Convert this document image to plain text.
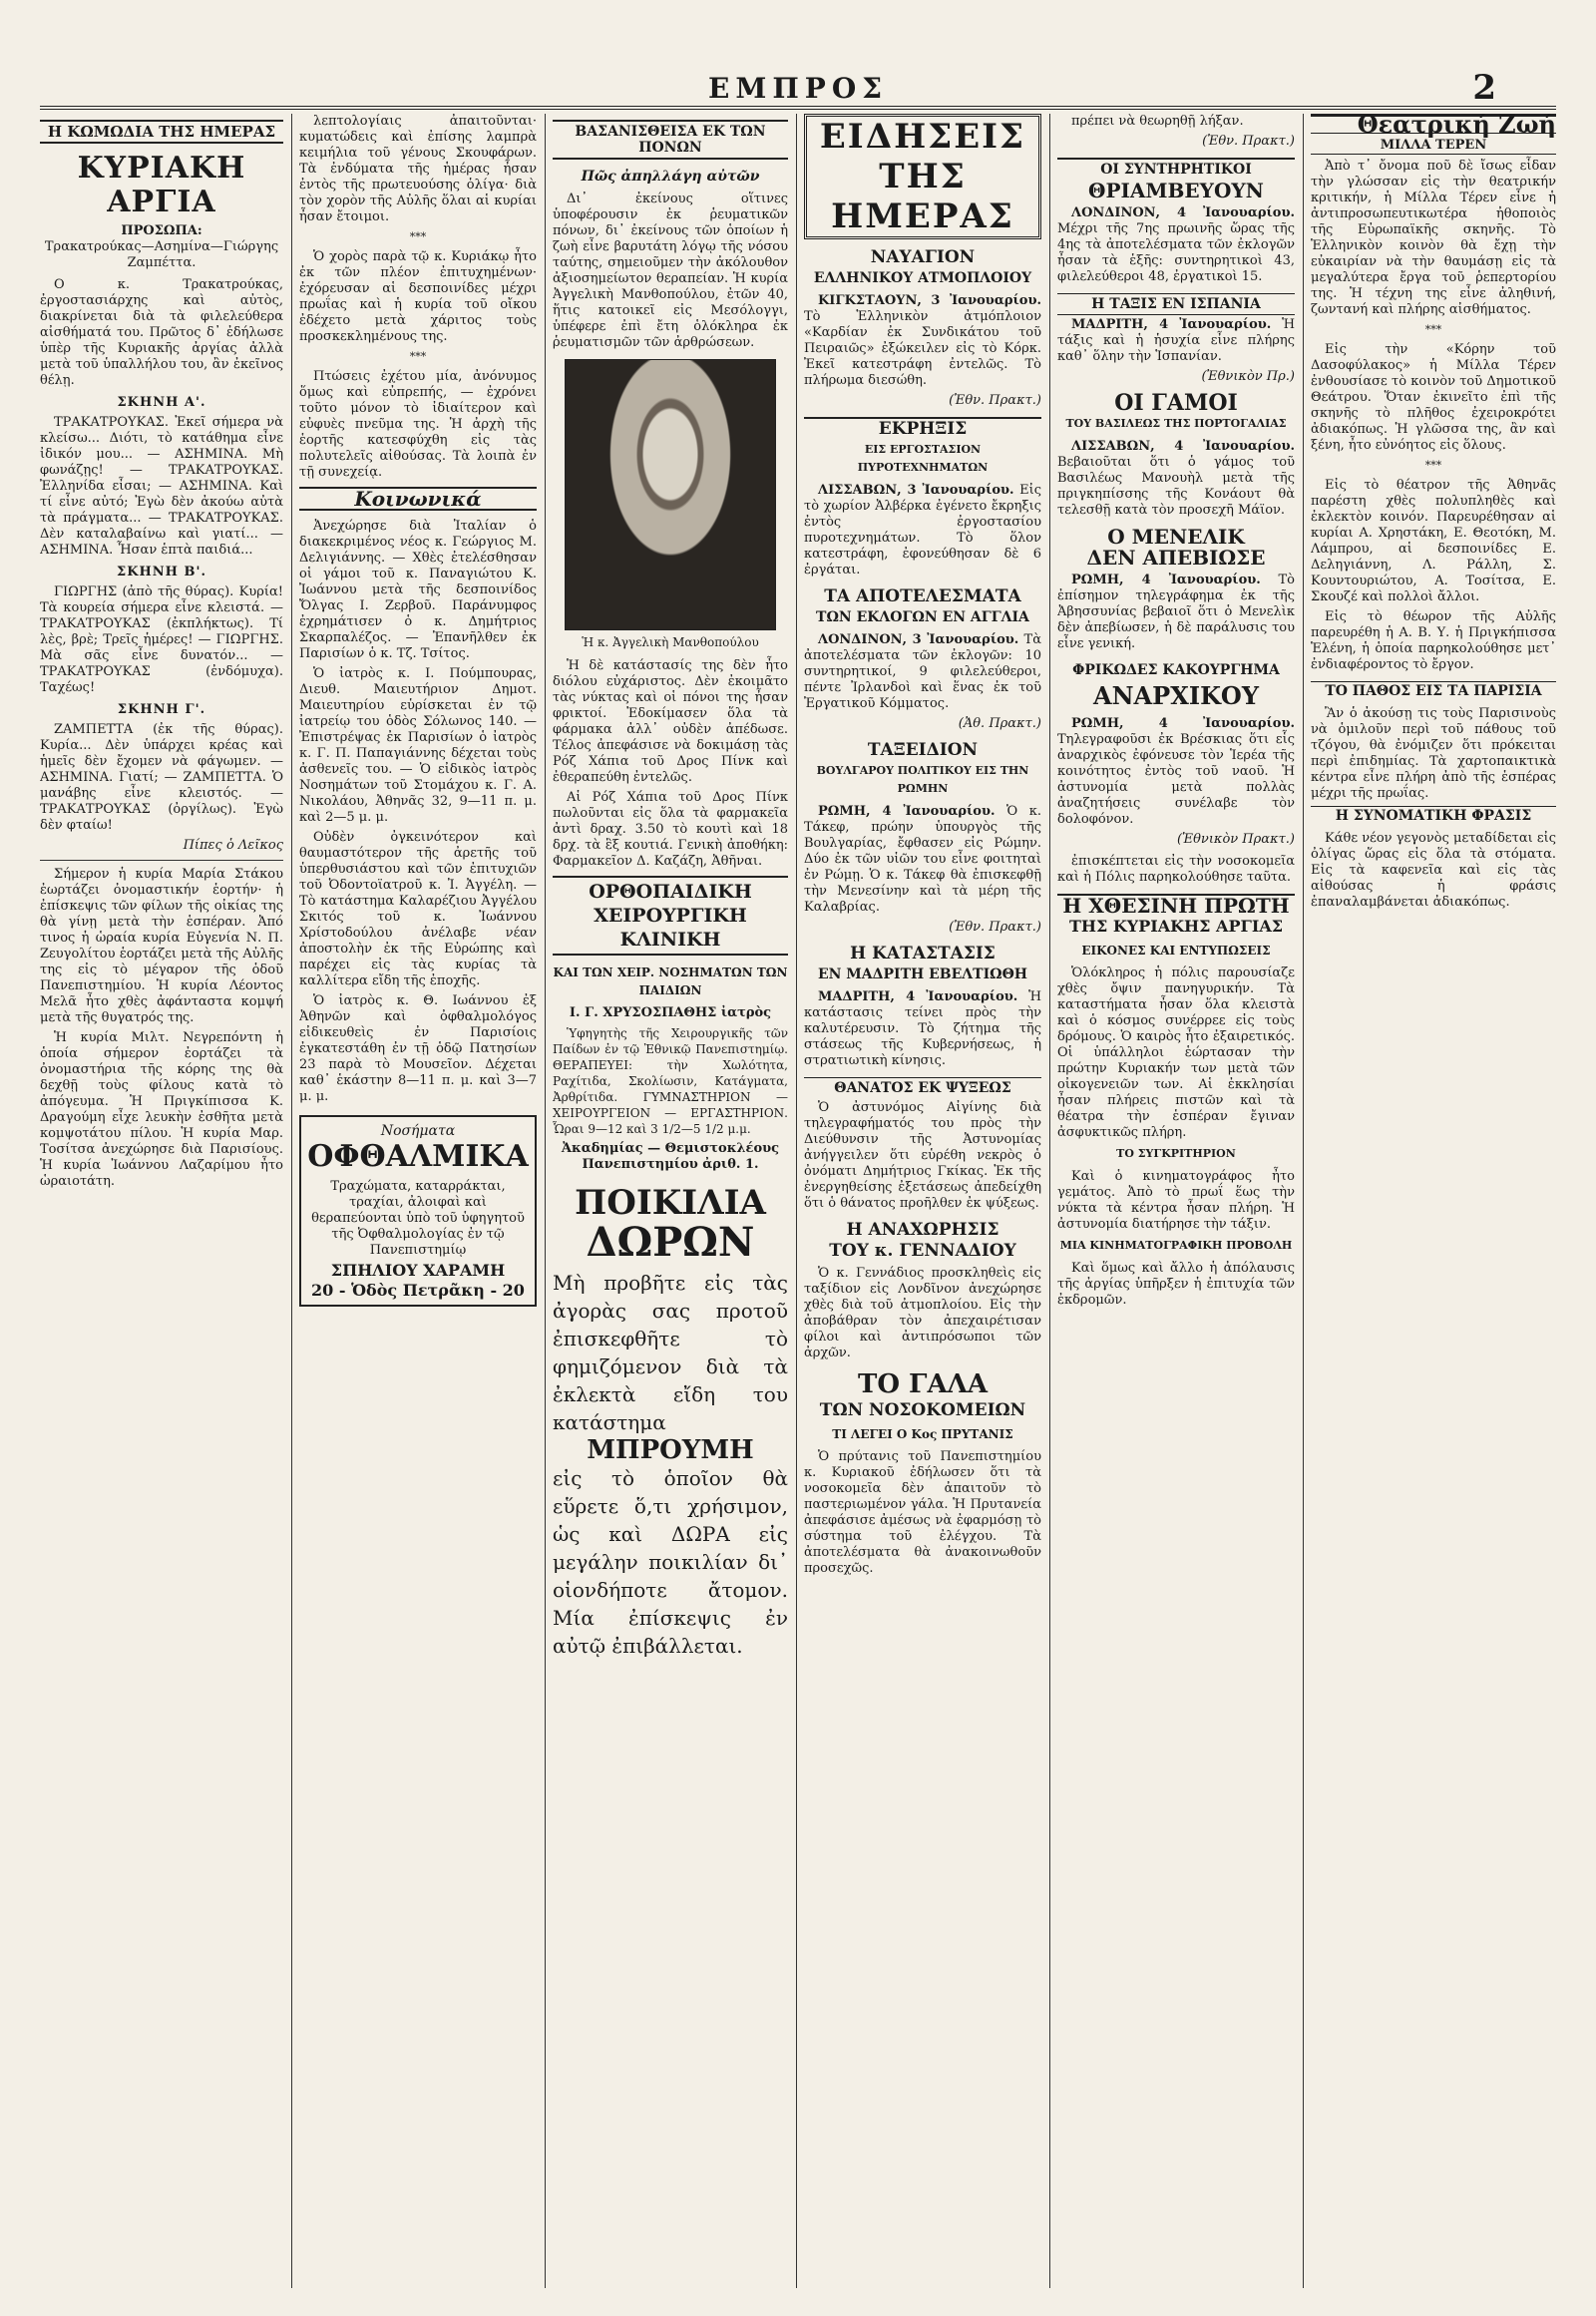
ΕΜΠΡΟΣ	2
Η ΚΩΜΩΔΙΑ ΤΗΣ ΗΜΕΡΑΣ
ΚΥΡΙΑΚΗ ΑΡΓΙΑ
ΠΡΟΣΩΠΑ:

Τρακατρούκας—Ασημίνα—Γιώργης Ζαμπέττα.

Ο κ. Τρακατρούκας, ἐργοστασιάρχης καὶ αὐτὸς, διακρίνεται διὰ τὰ φιλελεύθερα αἰσθήματά του. Πρῶτος δ᾽ ἐδήλωσε ὑπὲρ τῆς Κυριακῆς ἀργίας ἀλλὰ μετὰ τοῦ ὑπαλλήλου του, ἂν ἐκεῖνος θέλῃ.

ΣΚΗΝΗ Α'.

ΤΡΑΚΑΤΡΟΥΚΑΣ. Ἐκεῖ σήμερα νὰ κλείσω... Διότι, τὸ κατάθημα εἶνε ἰδικόν μου... — ΑΣΗΜΙΝΑ. Μὴ φωνάζῃς! — ΤΡΑΚΑΤΡΟΥΚΑΣ. Ἐλληνίδα εἶσαι; — ΑΣΗΜΙΝΑ. Καὶ τί εἶνε αὐτό; Ἐγὼ δὲν ἀκούω αὐτὰ τὰ πράγματα... — ΤΡΑΚΑΤΡΟΥΚΑΣ. Δὲν καταλαβαίνω καὶ γιατί... — ΑΣΗΜΙΝΑ. Ἦσαν ἑπτὰ παιδιά...

ΣΚΗΝΗ Β'.

ΓΙΩΡΓΗΣ (ἀπὸ τῆς θύρας). Κυρία! Τὰ κουρεία σήμερα εἶνε κλειστά. — ΤΡΑΚΑΤΡΟΥΚΑΣ (ἐκπλήκτως). Τί λὲς, βρὲ; Τρεῖς ἡμέρες! — ΓΙΩΡΓΗΣ. Μὰ σᾶς εἶνε δυνατόν... — ΤΡΑΚΑΤΡΟΥΚΑΣ (ἐνδόμυχα). Ταχέως!

ΣΚΗΝΗ Γ'.

ΖΑΜΠΕΤΤΑ (ἐκ τῆς θύρας). Κυρία... Δὲν ὑπάρχει κρέας καὶ ἡμεῖς δὲν ἔχομεν νὰ φάγωμεν. — ΑΣΗΜΙΝΑ. Γιατί; — ΖΑΜΠΕΤΤΑ. Ὁ μανάβης εἶνε κλειστός. — ΤΡΑΚΑΤΡΟΥΚΑΣ (ὀργίλως). Ἐγὼ δὲν φταίω!

Πίπες ὁ Λεῖκος

Σήμερον ἡ κυρία Μαρία Στάκου ἐωρτάζει ὀνομαστικήν ἑορτήν· ἡ ἐπίσκεψις τῶν φίλων τῆς οἰκίας της θὰ γίνῃ μετὰ τὴν ἑσπέραν. Ἀπό τινος ἡ ὡραία κυρία Εὐγενία Ν. Π. Ζευγολίτου ἑορτάζει μετὰ τῆς Αὐλῆς της εἰς τὸ μέγαρον τῆς ὁδοῦ Πανεπιστημίου. Ἡ κυρία Λέοντος Μελᾶ ἦτο χθὲς ἀφάνταστα κομψή μετὰ τῆς θυγατρός της.

Ἡ κυρία Μιλτ. Νεγρεπόντη ἡ ὁποία σήμερον ἐορτάζει τὰ ὀνομαστήρια τῆς κόρης της θὰ δεχθῇ τοὺς φίλους κατὰ τὸ ἀπόγευμα. Ἡ Πριγκίπισσα Κ. Δραγούμη εἶχε λευκὴν ἐσθῆτα μετὰ κομψοτάτου πίλου. Ἡ κυρία Μαρ. Τοσίτσα ἀνεχώρησε διὰ Παρισίους. Ἡ κυρία Ἰωάννου Λαζαρίμου ἦτο ὡραιοτάτη.

λεπτολογίαις ἀπαιτοῦνται· κυματώδεις καὶ ἐπίσης λαμπρὰ κειμήλια τοῦ γένους Σκουφάρων. Τὰ ἐνδύματα τῆς ἡμέρας ἦσαν ἐντὸς τῆς πρωτευούσης ὁλίγα· διὰ τὸν χορὸν τῆς Αὐλῆς ὅλαι αἱ κυρίαι ἦσαν ἔτοιμοι.

***

Ὁ χορὸς παρὰ τῷ κ. Κυριάκῳ ἦτο ἐκ τῶν πλέον ἐπιτυχημένων· ἐχόρευσαν αἱ δεσποινίδες μέχρι πρωΐας καὶ ἡ κυρία τοῦ οἴκου ἐδέχετο μετὰ χάριτος τοὺς προσκεκλημένους της.

***

Πτώσεις ἐχέτου μία, ἀνόνυμος ὅμως καὶ εὐπρεπής, — ἐχρόνει τοῦτο μόνον τὸ ἰδιαίτερον καὶ εὐφυὲς πνεῦμα της. Ἡ ἀρχὴ τῆς ἑορτῆς κατεσφύχθη εἰς τὰς πολυτελεῖς αἰθούσας. Τὰ λοιπὰ ἐν τῇ συνεχείᾳ.

Κοινωνικά

Ἀνεχώρησε διὰ Ἰταλίαν ὁ διακεκριμένος νέος κ. Γεώργιος Μ. Δελιγιάννης. — Χθὲς ἐτελέσθησαν οἱ γάμοι τοῦ κ. Παναγιώτου Κ. Ἰωάννου μετὰ τῆς δεσποινίδος Ὄλγας Ι. Ζερβοῦ. Παράνυμφος ἐχρημάτισεν ὁ κ. Δημήτριος Σκαρπαλέζος. — Ἐπανῆλθεν ἐκ Παρισίων ὁ κ. Τζ. Τσίτος.

Ὁ ἰατρὸς κ. Ι. Πούμπουρας, Διευθ. Μαιευτήριον Δημοτ. Μαιευτηρίου εὑρίσκεται ἐν τῷ ἰατρείῳ του ὁδὸς Σόλωνος 140. — Ἐπιστρέψας ἐκ Παρισίων ὁ ἰατρὸς κ. Γ. Π. Παπαγιάννης δέχεται τοὺς ἀσθενεῖς του. — Ὁ εἰδικὸς ἰατρὸς Νοσημάτων τοῦ Στομάχου κ. Γ. Α. Νικολάου, Ἀθηνᾶς 32, 9—11 π. μ. καὶ 2—5 μ. μ.

Οὐδὲν ὀγκεινότερον καὶ θαυμαστότερον τῆς ἀρετῆς τοῦ ὑπερθυσιάστου καὶ τῶν ἐπιτυχιῶν τοῦ Ὀδοντοϊατροῦ κ. Ἰ. Ἀγγέλη. — Τὸ κατάστημα Καλαρέζιου Ἀγγέλου Σκιτός τοῦ κ. Ἰωάννου Χρίστοδούλου ἀνέλαβε νέαν ἀποστολὴν ἐκ τῆς Εὐρώπης καὶ παρέχει εἰς τὰς κυρίας τὰ καλλίτερα εἴδη τῆς ἐποχῆς.

Ὁ ἰατρὸς κ. Θ. Ιωάννου ἐξ Ἀθηνῶν καὶ ὀφθαλμολόγος εἰδικευθεὶς ἐν Παρισίοις ἐγκατεστάθη ἐν τῇ ὁδῷ Πατησίων 23 παρὰ τὸ Μουσεῖον. Δέχεται καθ᾽ ἑκάστην 8—11 π. μ. καὶ 3—7 μ. μ.

Νοσήματα
ΟΦΘΑΛΜΙΚΑ

Τραχώματα, καταρράκται, τραχίαι, ἀλοιφαὶ καὶ θεραπεύονται ὑπὸ τοῦ ὑφηγητοῦ τῆς Ὀφθαλμολογίας ἐν τῷ Πανεπιστημίῳ

ΣΠΗΛΙΟΥ ΧΑΡΑΜΗ
20 - Ὁδὸς Πετρᾶκη - 20
ΒΑΣΑΝΙΣΘΕΙΣΑ ΕΚ ΤΩΝ ΠΟΝΩΝ
Πῶς ἀπηλλάγη αὐτῶν

Δι᾽ ἐκείνους οἵτινες ὑποφέρουσιν ἐκ ῥευματικῶν πόνων, δι᾽ ἐκείνους τῶν ὁποίων ἡ ζωὴ εἶνε βαρυτάτη λόγῳ τῆς νόσου ταύτης, σημειοῦμεν τὴν ἀκόλουθον ἀξιοσημείωτον θεραπείαν. Ἡ κυρία Ἀγγελικὴ Μανθοπούλου, ἐτῶν 40, ἥτις κατοικεῖ εἰς Μεσόλογγι, ὑπέφερε ἐπὶ ἔτη ὁλόκληρα ἐκ ῥευματισμῶν τῶν ἀρθρώσεων.

Ἡ κ. Ἀγγελικὴ Μανθοπούλου

Ἡ δὲ κατάστασίς της δὲν ἦτο διόλου εὐχάριστος. Δὲν ἐκοιμᾶτο τὰς νύκτας καὶ οἱ πόνοι της ἦσαν φρικτοί. Ἐδοκίμασεν ὅλα τὰ φάρμακα ἀλλ᾽ οὐδὲν ἀπέδωσε. Τέλος ἀπεφάσισε νὰ δοκιμάσῃ τὰς Ρόζ Χάπια τοῦ Δρος Πίνκ καὶ ἐθεραπεύθη ἐντελῶς.

Αἱ Ρόζ Χάπια τοῦ Δρος Πίνκ πωλοῦνται εἰς ὅλα τὰ φαρμακεῖα ἀντὶ δραχ. 3.50 τὸ κουτὶ καὶ 18 δρχ. τὰ ἓξ κουτιά. Γενικὴ ἀποθήκη: Φαρμακεῖον Δ. Καζάζη, Ἀθῆναι.

ΟΡΘΟΠΑΙΔΙΚΗ ΧΕΙΡΟΥΡΓΙΚΗ ΚΛΙΝΙΚΗ
ΚΑΙ ΤΩΝ ΧΕΙΡ. ΝΟΣΗΜΑΤΩΝ ΤΩΝ ΠΑΙΔΙΩΝ
Ι. Γ. ΧΡΥΣΟΣΠΑΘΗΣ ἰατρὸς

Ὑφηγητὴς τῆς Χειρουργικῆς τῶν Παίδων ἐν τῷ Ἐθνικῷ Πανεπιστημίῳ. ΘΕΡΑΠΕΥΕΙ: τὴν Χωλότητα, Ραχίτιδα, Σκολίωσιν, Κατάγματα, Ἀρθρίτιδα. ΓΥΜΝΑΣΤΗΡΙΟΝ — ΧΕΙΡΟΥΡΓΕΙΟΝ — ΕΡΓΑΣΤΗΡΙΟΝ. Ὧραι 9—12 καὶ 3 1/2—5 1/2 μ.μ.

Ἀκαδημίας — Θεμιστοκλέους Πανεπιστημίου ἀριθ. 1.

ΠΟΙΚΙΛΙΑ
ΔΩΡΩΝ

Μὴ προβῆτε εἰς τὰς ἀγορὰς σας προτοῦ ἐπισκεφθῆτε τὸ φημιζόμενον διὰ τὰ ἐκλεκτὰ εἴδη του κατάστημα

ΜΠΡΟΥΜΗ

εἰς τὸ ὁποῖον θὰ εὕρετε ὅ,τι χρήσιμον, ὡς καὶ ΔΩΡΑ εἰς μεγάλην ποικιλίαν δι᾽ οἱονδήποτε ἄτομον. Μία ἐπίσκεψις ἐν αὐτῷ ἐπιβάλλεται.

ΕΙΔΗΣΕΙΣ ΤΗΣ ΗΜΕΡΑΣ
ΝΑΥΑΓΙΟΝ
ΕΛΛΗΝΙΚΟΥ ΑΤΜΟΠΛΟΙΟΥ

ΚΙΓΚΣΤΑΟΥΝ, 3 Ἰανουαρίου. Τὸ Ἑλληνικὸν ἀτμόπλοιον «Καρδίαν ἐκ Συνδικάτου τοῦ Πειραιῶς» ἐξώκειλεν εἰς τὸ Κόρκ. Ἐκεῖ κατεστράφη ἐντελῶς. Τὸ πλήρωμα διεσώθη.

(Ἐθν. Πρακτ.)

ΕΚΡΗΞΙΣ
ΕΙΣ ΕΡΓΟΣΤΑΣΙΟΝ ΠΥΡΟΤΕΧΝΗΜΑΤΩΝ

ΛΙΣΣΑΒΩΝ, 3 Ἰανουαρίου. Εἰς τὸ χωρίον Ἀλβέρκα ἐγένετο ἔκρηξις ἐντὸς ἐργοστασίου πυροτεχνημάτων. Τὸ ὅλον κατεστράφη, ἐφονεύθησαν δὲ 6 ἐργάται.

ΤΑ ΑΠΟΤΕΛΕΣΜΑΤΑ
ΤΩΝ ΕΚΛΟΓΩΝ ΕΝ ΑΓΓΛΙΑ

ΛΟΝΔΙΝΟΝ, 3 Ἰανουαρίου. Τὰ ἀποτελέσματα τῶν ἐκλογῶν: 10 συντηρητικοί, 9 φιλελεύθεροι, πέντε Ἰρλανδοὶ καὶ ἕνας ἐκ τοῦ Ἐργατικοῦ Κόμματος.

(Ἀθ. Πρακτ.)

ΤΑΞΕΙΔΙΟΝ
ΒΟΥΛΓΑΡΟΥ ΠΟΛΙΤΙΚΟΥ ΕΙΣ ΤΗΝ ΡΩΜΗΝ

ΡΩΜΗ, 4 Ἰανουαρίου. Ὁ κ. Τάκεφ, πρώην ὑπουργὸς τῆς Βουλγαρίας, ἔφθασεν εἰς Ρώμην. Δύο ἐκ τῶν υἱῶν του εἶνε φοιτηταὶ ἐν Ρώμῃ. Ὁ κ. Τάκεφ θὰ ἐπισκεφθῇ τὴν Μενεσίνην καὶ τὰ μέρη τῆς Καλαβρίας.

(Ἐθν. Πρακτ.)

Η ΚΑΤΑΣΤΑΣΙΣ
ΕΝ ΜΑΔΡΙΤΗ ΕΒΕΛΤΙΩΘΗ

ΜΑΔΡΙΤΗ, 4 Ἰανουαρίου. Ἡ κατάστασις τείνει πρὸς τὴν καλυτέρευσιν. Τὸ ζήτημα τῆς στάσεως τῆς Κυβερνήσεως, ἡ στρατιωτικὴ κίνησις.

ΘΑΝΑΤΟΣ ΕΚ ΨΥΞΕΩΣ

Ὁ ἀστυνόμος Αἰγίνης διὰ τηλεγραφήματός του πρὸς τὴν Διεύθυνσιν τῆς Ἀστυνομίας ἀνήγγειλεν ὅτι εὑρέθη νεκρὸς ὁ ὀνόματι Δημήτριος Γκίκας. Ἐκ τῆς ἐνεργηθείσης ἐξετάσεως ἀπεδείχθη ὅτι ὁ θάνατος προῆλθεν ἐκ ψύξεως.

Η ΑΝΑΧΩΡΗΣΙΣ
ΤΟΥ κ. ΓΕΝΝΑΔΙΟΥ

Ὁ κ. Γεννάδιος προσκληθεὶς εἰς ταξίδιον εἰς Λονδῖνον ἀνεχώρησε χθὲς διὰ τοῦ ἀτμοπλοίου. Εἰς τὴν ἀποβάθραν τὸν ἀπεχαιρέτισαν φίλοι καὶ ἀντιπρόσωποι τῶν ἀρχῶν.

ΤΟ ΓΑΛΑ
ΤΩΝ ΝΟΣΟΚΟΜΕΙΩΝ
ΤΙ ΛΕΓΕΙ Ο Κος ΠΡΥΤΑΝΙΣ

Ὁ πρύτανις τοῦ Πανεπιστημίου κ. Κυριακοῦ ἐδήλωσεν ὅτι τὰ νοσοκομεῖα δὲν ἀπαιτοῦν τὸ παστεριωμένον γάλα. Ἡ Πρυτανεία ἀπεφάσισε ἀμέσως νὰ ἐφαρμόσῃ τὸ σύστημα τοῦ ἐλέγχου. Τὰ ἀποτελέσματα θὰ ἀνακοινωθοῦν προσεχῶς.

πρέπει νὰ θεωρηθῇ λήξαν.

(Ἐθν. Πρακτ.)

ΟΙ ΣΥΝΤΗΡΗΤΙΚΟΙ
ΘΡΙΑΜΒΕΥΟΥΝ

ΛΟΝΔΙΝΟΝ, 4 Ἰανουαρίου. Μέχρι τῆς 7ης πρωινῆς ὥρας τῆς 4ης τὰ ἀποτελέσματα τῶν ἐκλογῶν ἦσαν τὰ ἑξῆς: συντηρητικοὶ 43, φιλελεύθεροι 48, ἐργατικοὶ 15.

Η ΤΑΞΙΣ ΕΝ ΙΣΠΑΝΙΑ

ΜΑΔΡΙΤΗ, 4 Ἰανουαρίου. Ἡ τάξις καὶ ἡ ἡσυχία εἶνε πλήρης καθ᾽ ὅλην τὴν Ἱσπανίαν.

(Ἐθνικὸν Πρ.)

ΟΙ ΓΑΜΟΙ
ΤΟΥ ΒΑΣΙΛΕΩΣ ΤΗΣ ΠΟΡΤΟΓΑΛΙΑΣ

ΛΙΣΣΑΒΩΝ, 4 Ἰανουαρίου. Βεβαιοῦται ὅτι ὁ γάμος τοῦ Βασιλέως Μανουὴλ μετὰ τῆς πριγκηπίσσης τῆς Κονάουτ θὰ τελεσθῇ κατὰ τὸν προσεχῆ Μάϊον.

Ο ΜΕΝΕΛΙΚ
ΔΕΝ ΑΠΕΒΙΩΣΕ

ΡΩΜΗ, 4 Ἰανουαρίου. Τὸ ἐπίσημον τηλεγράφημα ἐκ τῆς Ἀβησσυνίας βεβαιοῖ ὅτι ὁ Μενελὶκ δὲν ἀπεβίωσεν, ἡ δὲ παράλυσις του εἶνε γενική.

ΦΡΙΚΩΔΕΣ ΚΑΚΟΥΡΓΗΜΑ
ΑΝΑΡΧΙΚΟΥ

ΡΩΜΗ, 4 Ἰανουαρίου. Τηλεγραφοῦσι ἐκ Βρέσκιας ὅτι εἷς ἀναρχικὸς ἐφόνευσε τὸν Ἱερέα τῆς κοινότητος ἐντὸς τοῦ ναοῦ. Ἡ ἀστυνομία μετὰ πολλὰς ἀναζητήσεις συνέλαβε τὸν δολοφόνον.

(Ἐθνικὸν Πρακτ.)

ἐπισκέπτεται εἰς τὴν νοσοκομεῖα καὶ ἡ Πόλις παρηκολούθησε ταῦτα.

Η ΧΘΕΣΙΝΗ ΠΡΩΤΗ
ΤΗΣ ΚΥΡΙΑΚΗΣ ΑΡΓΙΑΣ
ΕΙΚΟΝΕΣ ΚΑΙ ΕΝΤΥΠΩΣΕΙΣ

Ὁλόκληρος ἡ πόλις παρουσίαζε χθὲς ὄψιν πανηγυρικήν. Τὰ καταστήματα ἦσαν ὅλα κλειστὰ καὶ ὁ κόσμος συνέρρεε εἰς τοὺς δρόμους. Ὁ καιρὸς ἦτο ἐξαιρετικός. Οἱ ὑπάλληλοι ἑώρτασαν τὴν πρώτην Κυριακήν των μετὰ τῶν οἰκογενειῶν των. Αἱ ἐκκλησίαι ἦσαν πλήρεις πιστῶν καὶ τὰ θέατρα τὴν ἑσπέραν ἔγιναν ἀσφυκτικῶς πλήρη.

ΤΟ ΣΥΓΚΡΙΤΗΡΙΟΝ

Καὶ ὁ κινηματογράφος ἦτο γεμάτος. Ἀπὸ τὸ πρωΐ ἕως τὴν νύκτα τὰ κέντρα ἦσαν πλήρη. Ἡ ἀστυνομία διατήρησε τὴν τάξιν.

ΜΙΑ ΚΙΝΗΜΑΤΟΓΡΑΦΙΚΗ ΠΡΟΒΟΛΗ

Καὶ ὅμως καὶ ἄλλο ἡ ἀπόλαυσις τῆς ἀργίας ὑπῆρξεν ἡ ἐπιτυχία τῶν ἐκδρομῶν.

Θεατρική Ζωή
ΜΙΛΛΑ ΤΕΡΕΝ

Ἀπὸ τ᾽ ὄνομα ποῦ δὲ ἴσως εἶδαν τὴν γλώσσαν εἰς τὴν θεατρικήν κριτικήν, ἡ Μίλλα Τέρεν εἶνε ἡ ἀντιπροσωπευτικωτέρα ἠθοποιὸς τῆς Εὐρωπαϊκῆς σκηνῆς. Τὸ Ἑλληνικὸν κοινὸν θὰ ἔχῃ τὴν εὐκαιρίαν νὰ τὴν θαυμάσῃ εἰς τὰ μεγαλύτερα ἔργα τοῦ ῥεπερτορίου της. Ἡ τέχνη της εἶνε ἀληθινή, ζωντανή καὶ πλήρης αἰσθήματος.

***

Εἰς τὴν «Κόρην τοῦ Δασοφύλακος» ἡ Μίλλα Τέρεν ἐνθουσίασε τὸ κοινὸν τοῦ Δημοτικοῦ Θεάτρου. Ὅταν ἐκινεῖτο ἐπὶ τῆς σκηνῆς τὸ πλῆθος ἐχειροκρότει ἀδιακόπως. Ἡ γλῶσσα της, ἂν καὶ ξένη, ἦτο εὐνόητος εἰς ὅλους.

***

Εἰς τὸ θέατρον τῆς Ἀθηνᾶς παρέστη χθὲς πολυπληθὲς καὶ ἐκλεκτὸν κοινόν. Παρευρέθησαν αἱ κυρίαι Α. Χρηστάκη, Ε. Θεοτόκη, Μ. Λάμπρου, αἱ δεσποινίδες Ε. Δεληγιάννη, Λ. Ράλλη, Σ. Κουντουριώτου, Α. Τοσίτσα, Ε. Σκουζέ καὶ πολλοὶ ἄλλοι.

Εἰς τὸ θέωρον τῆς Αὐλῆς παρευρέθη ἡ Α. Β. Υ. ἡ Πριγκήπισσα Ἑλένη, ἡ ὁποία παρηκολούθησε μετ᾽ ἐνδιαφέροντος τὸ ἔργον.

ΤΟ ΠΑΘΟΣ ΕΙΣ ΤΑ ΠΑΡΙΣΙΑ

Ἂν ὁ ἀκούσῃ τις τοὺς Παρισινοὺς νὰ ὁμιλοῦν περὶ τοῦ πάθους τοῦ τζόγου, θὰ ἐνόμιζεν ὅτι πρόκειται περὶ ἐπιδημίας. Τὰ χαρτοπαικτικὰ κέντρα εἶνε πλήρη ἀπὸ τῆς ἑσπέρας μέχρι τῆς πρωΐας.

Η ΣΥΝΟΜΑΤΙΚΗ ΦΡΑΣΙΣ

Κάθε νέον γεγονὸς μεταδίδεται εἰς ὀλίγας ὥρας εἰς ὅλα τὰ στόματα. Εἰς τὰ καφενεῖα καὶ εἰς τὰς αἰθούσας ἡ φράσις ἐπαναλαμβάνεται ἀδιακόπως.
